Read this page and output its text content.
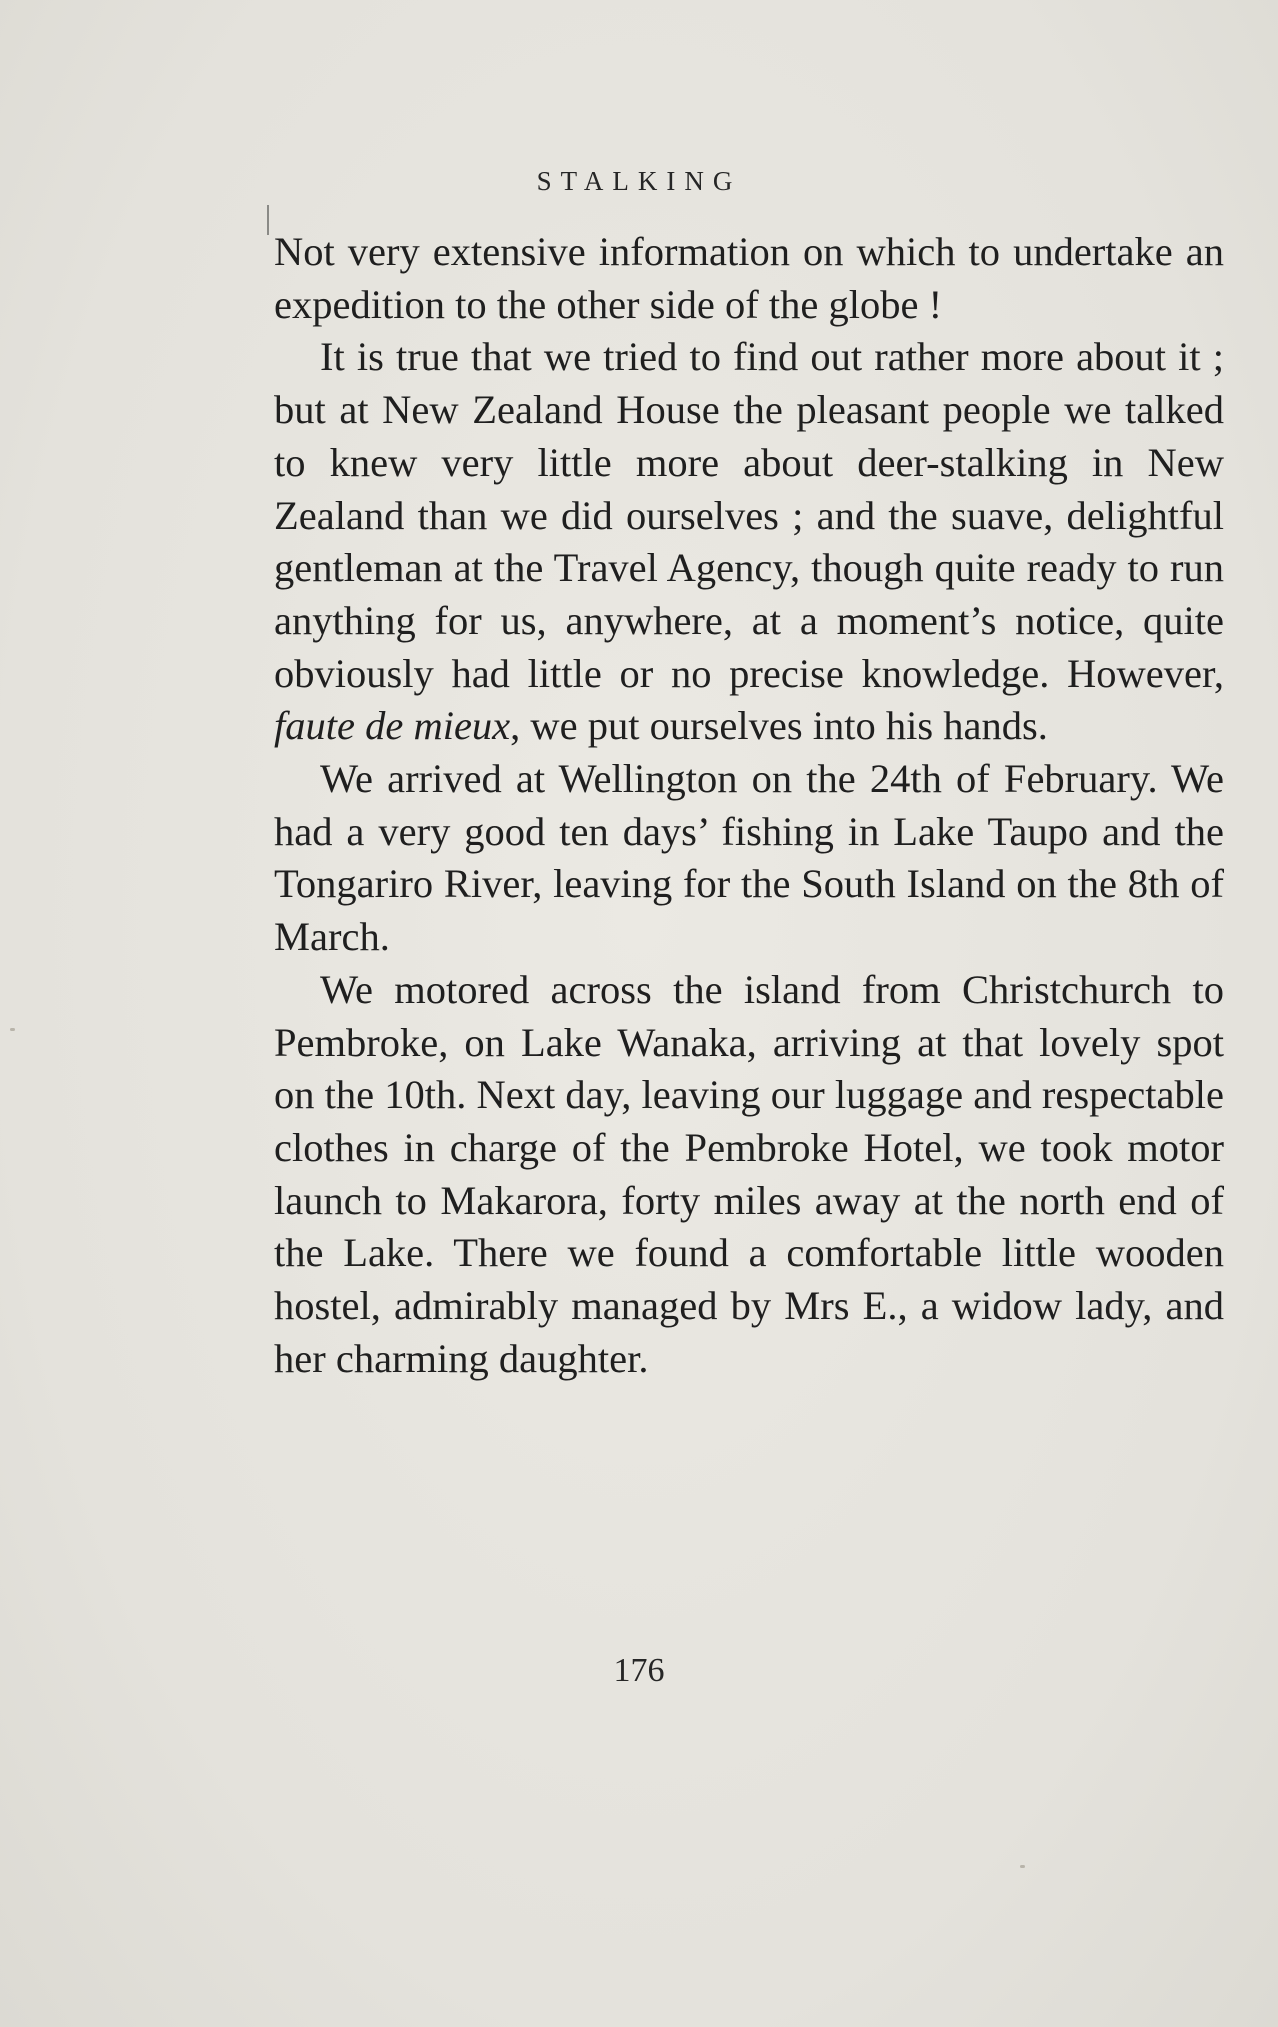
STALKING

Not very extensive information on which to undertake an expedition to the other side of the globe !

It is true that we tried to find out rather more about it ; but at New Zealand House the pleasant people we talked to knew very little more about deer-stalking in New Zealand than we did ourselves ; and the suave, delightful gentleman at the Travel Agency, though quite ready to run anything for us, anywhere, at a moment’s notice, quite obviously had little or no precise knowledge. However, faute de mieux, we put ourselves into his hands.

We arrived at Wellington on the 24th of February. We had a very good ten days’ fishing in Lake Taupo and the Tongariro River, leaving for the South Island on the 8th of March.

We motored across the island from Christchurch to Pembroke, on Lake Wanaka, arriving at that lovely spot on the 10th. Next day, leaving our luggage and respectable clothes in charge of the Pembroke Hotel, we took motor launch to Makarora, forty miles away at the north end of the Lake. There we found a comfortable little wooden hostel, admirably managed by Mrs E., a widow lady, and her charming daughter.

176
